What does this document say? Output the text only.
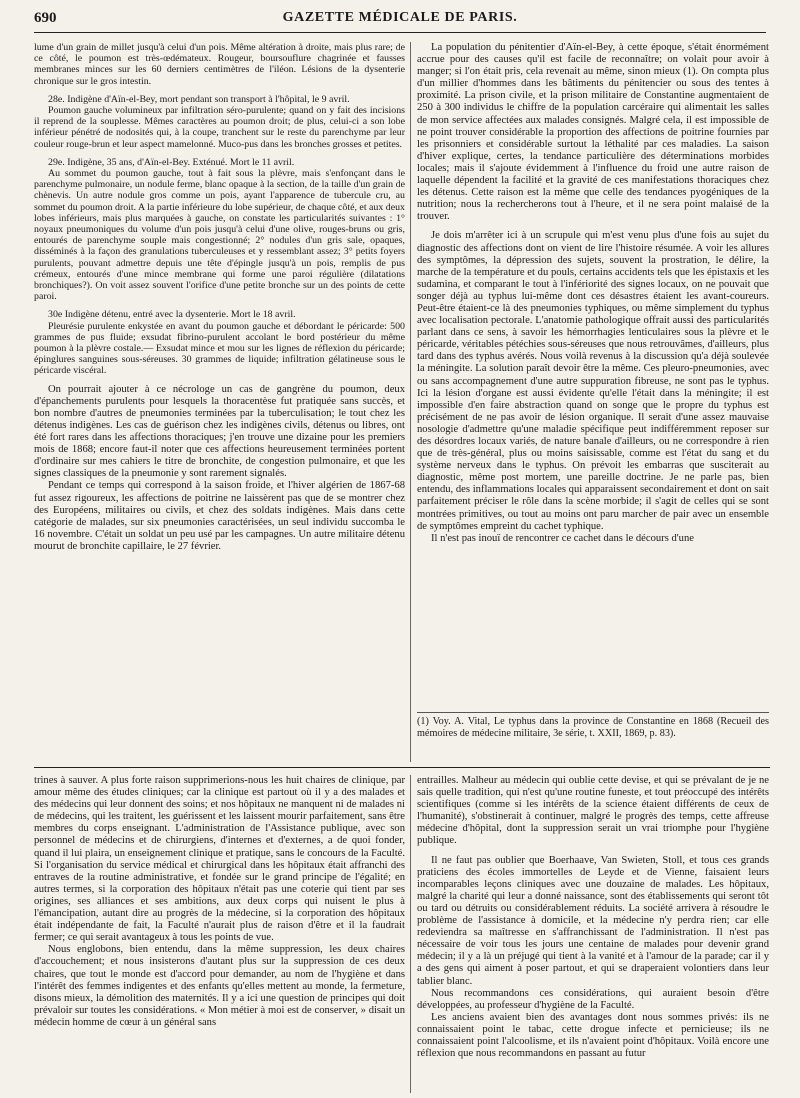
690	GAZETTE MÉDICALE DE PARIS.

lume d'un grain de millet jusqu'à celui d'un pois. Même altération à droite, mais plus rare; de ce côté, le poumon est très-œdémateux. Rougeur, boursouflure chagrinée et fausses membranes minces sur les 60 derniers centimètres de l'iléon. Lésions de la dysenterie chronique sur le gros intestin.

28e. Indigène d'Aïn-el-Bey, mort pendant son transport à l'hôpital, le 9 avril.

Poumon gauche volumineux par infiltration séro-purulente; quand on y fait des incisions il reprend de la souplesse. Mêmes caractères au poumon droit; de plus, celui-ci a son lobe inférieur pénétré de nodosités qui, à la coupe, tranchent sur le reste du parenchyme par leur couleur rouge-brun et leur aspect mamelonné. Muco-pus dans les bronches grosses et petites.

29e. Indigène, 35 ans, d'Aïn-el-Bey. Exténué. Mort le 11 avril.

Au sommet du poumon gauche, tout à fait sous la plèvre, mais s'enfonçant dans le parenchyme pulmonaire, un nodule ferme, blanc opaque à la section, de la taille d'un grain de chènevis. Un autre nodule gros comme un pois, ayant l'apparence de tubercule cru, au sommet du poumon droit. A la partie inférieure du lobe supérieur, de chaque côté, et aux deux lobes inférieurs, mais plus marquées à gauche, on constate les particularités suivantes : 1° noyaux pneumoniques du volume d'un pois jusqu'à celui d'une olive, rouges-bruns ou gris, entourés de parenchyme souple mais congestionné; 2° nodules d'un gris sale, opaques, disséminés à la façon des granulations tuberculeuses et y ressemblant assez; 3° petits foyers purulents, pouvant admettre depuis une tête d'épingle jusqu'à un pois, remplis de pus crémeux, entourés d'une mince membrane qui forme une paroi régulière (dilatations bronchiques?). On voit assez souvent l'orifice d'une petite bronche sur un des points de cette paroi.

30e Indigène détenu, entré avec la dysenterie. Mort le 18 avril.

Pleurésie purulente enkystée en avant du poumon gauche et débordant le péricarde: 500 grammes de pus fluide; exsudat fibrino-purulent accolant le bord postérieur du même poumon à la plèvre costale.— Exsudat mince et mou sur les lignes de réflexion du péricarde; épinglures sanguines sous-séreuses. 30 grammes de liquide; infiltration gélatineuse sous le péricarde viscéral.

On pourrait ajouter à ce nécrologe un cas de gangrène du poumon, deux d'épanchements purulents pour lesquels la thoracentèse fut pratiquée sans succès, et bon nombre d'autres de pneumonies terminées par la tuberculisation; le tout chez les détenus indigènes. Les cas de guérison chez les indigènes civils, détenus ou libres, ont été fort rares dans les affections thoraciques; j'en trouve une dizaine pour les premiers mois de 1868; encore faut-il noter que ces affections heureusement terminées portent d'ordinaire sur mes cahiers le titre de bronchite, de congestion pulmonaire, et que les signes classiques de la pneumonie y sont rarement signalés.

Pendant ce temps qui correspond à la saison froide, et l'hiver algérien de 1867-68 fut assez rigoureux, les affections de poitrine ne laissèrent pas que de se montrer chez des Européens, militaires ou civils, et chez des soldats indigènes. Mais dans cette catégorie de malades, sur six pneumonies caractérisées, un seul individu succomba le 16 novembre. C'était un soldat un peu usé par les campagnes. Un autre militaire détenu mourut de bronchite capillaire, le 27 février.

La population du pénitentier d'Aïn-el-Bey, à cette époque, s'était énormément accrue pour des causes qu'il est facile de reconnaître; on volait pour avoir à manger; si l'on était pris, cela revenait au même, sinon mieux (1). On compta plus d'un millier d'hommes dans les bâtiments du pénitencier ou sous des tentes à proximité. La prison civile, et la prison militaire de Constantine augmentaient de 250 à 300 individus le chiffre de la population carcéraire qui alimentait les salles de mon service affectées aux malades consignés. Malgré cela, il est impossible de ne point trouver considérable la proportion des affections de poitrine fournies par les prisonniers et considérable surtout la léthalité par ces maladies. La saison d'hiver explique, certes, la tendance particulière des déterminations morbides locales; mais il s'ajoute évidemment à l'influence du froid une autre raison de laquelle dépendent la facilité et la gravité de ces manifestations thoraciques chez les détenus. Cette raison est la même que celle des tendances pyogéniques de la nutrition; nous la rechercherons tout à l'heure, et il ne sera point malaisé de la trouver.

Je dois m'arrêter ici à un scrupule qui m'est venu plus d'une fois au sujet du diagnostic des affections dont on vient de lire l'histoire résumée. A voir les allures des symptômes, la dépression des sujets, souvent la prostration, le délire, la marche de la température et du pouls, certains accidents tels que les épistaxis et les sudamina, et comparant le tout à l'infériorité des signes locaux, on ne pouvait que songer déjà au typhus lui-même dont ces désastres étaient les avant-coureurs. Peut-être étaient-ce là des pneumonies typhiques, ou même simplement du typhus avec localisation pectorale. L'anatomie pathologique offrait aussi des particularités parlant dans ce sens, à savoir les hémorrhagies lenticulaires sous la plèvre et le péricarde, véritables pétéchies sous-séreuses que nous retrouvâmes, d'ailleurs, plus tard dans des typhus avérés. Nous voilà revenus à la discussion qu'a déjà soulevée la méningite. La solution paraît devoir être la même. Ces pleuro-pneumonies, avec ou sans accompagnement d'une autre suppuration fibreuse, ne sont pas le typhus. Ici la lésion d'organe est aussi évidente qu'elle l'était dans la méningite; il est impossible d'en faire abstraction quand on songe que le propre du typhus est précisément de ne pas avoir de lésion organique. Il serait d'une assez mauvaise nosologie d'admettre qu'une maladie spécifique peut indifféremment reposer sur des désordres locaux variés, de nature banale d'ailleurs, ou ne correspondre à rien que de très-général, plus ou moins saisissable, comme est l'état du sang et du système nerveux dans le typhus. On prévoit les embarras que susciterait au diagnostic, même post mortem, une pareille doctrine. Je ne parle pas, bien entendu, des inflammations locales qui apparaissent secondairement et dont on sait parfaitement préciser le rôle dans la scène morbide; il s'agit de celles qui se sont montrées primitives, ou tout au moins ont paru marcher de pair avec un ensemble de symptômes empreint du cachet typhique.

Il n'est pas inouï de rencontrer ce cachet dans le décours d'une

(1) Voy. A. Vital, Le typhus dans la province de Constantine en 1868 (Recueil des mémoires de médecine militaire, 3e série, t. XXII, 1869, p. 83).

trines à sauver. A plus forte raison supprimerions-nous les huit chaires de clinique, par amour même des études cliniques; car la clinique est partout où il y a des malades et des médecins qui leur donnent des soins; et nos hôpitaux ne manquent ni de malades ni de médecins, qui les traitent, les guérissent et les laissent mourir parfaitement, sans être membres du corps enseignant. L'administration de l'Assistance publique, avec son personnel de médecins et de chirurgiens, d'internes et d'externes, a de quoi fonder, quand il lui plaira, un enseignement clinique et pratique, sans le concours de la Faculté. Si l'organisation du service médical et chirurgical dans les hôpitaux était affranchi des entraves de la routine administrative, et fondée sur le grand principe de l'égalité; en autres termes, si la corporation des hôpitaux n'était pas une coterie qui tient par ses origines, ses alliances et ses ambitions, aux deux corps qui nuisent le plus à l'émancipation, autant dire au progrès de la médecine, si la corporation des hôpitaux était indépendante de fait, la Faculté n'aurait plus de raison d'être et il la faudrait fermer; ce qui serait avantageux à tous les points de vue.

Nous englobons, bien entendu, dans la même suppression, les deux chaires d'accouchement; et nous insisterons d'autant plus sur la suppression de ces deux chaires, que tout le monde est d'accord pour demander, au nom de l'hygiène et dans l'intérêt des femmes indigentes et des enfants qu'elles mettent au monde, la fermeture, disons mieux, la démolition des maternités. Il y a ici une question de principes qui doit prévaloir sur toutes les considérations. « Mon métier à moi est de conserver, » disait un médecin homme de cœur à un général sans

entrailles. Malheur au médecin qui oublie cette devise, et qui se prévalant de je ne sais quelle tradition, qui n'est qu'une routine funeste, et tout préoccupé des intérêts scientifiques (comme si les intérêts de la science étaient différents de ceux de l'humanité), s'obstinerait à continuer, malgré le progrès des temps, cette affreuse médecine d'hôpital, dont la suppression serait un vrai triomphe pour l'hygiène publique.

Il ne faut pas oublier que Boerhaave, Van Swieten, Stoll, et tous ces grands praticiens des écoles immortelles de Leyde et de Vienne, faisaient leurs incomparables leçons cliniques avec une douzaine de malades. Les hôpitaux, malgré la charité qui leur a donné naissance, sont des établissements qui seront tôt ou tard ou détruits ou considérablement réduits. La société arrivera à résoudre le problème de l'assistance à domicile, et la médecine n'y perdra rien; car elle redeviendra sa maîtresse en s'affranchissant de l'administration. Il n'est pas nécessaire de voir tous les jours une centaine de malades pour devenir grand médecin; il y a là un préjugé qui tient à la vanité et à l'amour de la parade; car il y a des gens qui aiment à poser partout, et qui se draperaient volontiers dans leur tablier blanc.

Nous recommandons ces considérations, qui auraient besoin d'être développées, au professeur d'hygiène de la Faculté.

Les anciens avaient bien des avantages dont nous sommes privés: ils ne connaissaient point le tabac, cette drogue infecte et pernicieuse; ils ne connaissaient point l'alcoolisme, et ils n'avaient point d'hôpitaux. Voilà encore une réflexion que nous recommandons en passant au futur
